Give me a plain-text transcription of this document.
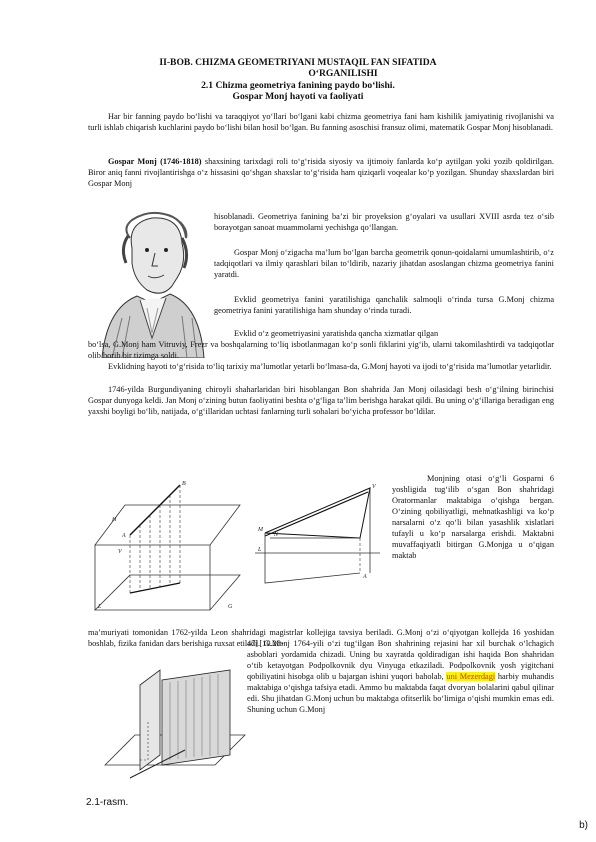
II-BOB. CHIZMA GEOMETRIYANI MUSTAQIL FAN SIFATIDA
O‘RGANILISHI
2.1 Chizma geometriya fanining paydo bo‘lishi.
Gospar Monj hayoti va faoliyati
Har bir fanning paydo bo‘lishi va taraqqiyot yo‘llari bo‘lgani kabi chizma geometriya fani ham kishilik jamiyatinig rivojlanishi va turli ishlab chiqarish kuchlarini paydo bo‘lishi bilan hosil bo‘lgan. Bu fanning asoschisi fransuz olimi, matematik Gospar Monj hisoblanadi.
Gospar Monj (1746-1818) shaxsining tarixdagi roli to‘g‘risida siyosiy va ijtimoiy fanlarda ko‘p aytilgan yoki yozib qoldirilgan. Biror aniq fanni rivojlantirishga o‘z hissasini qo‘shgan shaxslar to‘g‘risida ham qiziqarli voqealar ko‘p yozilgan. Shunday shaxslardan biri Gospar Monj
hisoblanadi. Geometriya fanining ba’zi bir proyeksion g‘oyalari va usullari XVIII asrda tez o‘sib borayotgan sanoat muammolarni yechishga qo‘llangan.
Gospar Monj o‘zigacha ma’lum bo‘lgan barcha geometrik qonun-qoidalarni umumlashtirib, o‘z tadqiqotlari va ilmiy qarashlari bilan to‘ldirib, nazariy jihatdan asoslangan chizma geometriya fanini yaratdi.
Evklid geometriya fanini yaratilishiga qanchalik salmoqli o‘rinda tursa G.Monj chizma geometriya fanini yaratilishiga ham shunday o‘rinda turadi.
Evklid o‘z geometriyasini yaratishda qancha xizmatlar qilgan
bo‘lsa, G.Monj ham Vitruviy, Frezr va boshqalarning to‘liq isbotlanmagan ko‘p sonli fiklarini yig‘ib, ularni takomilashtirdi va tadqiqotlar olib borib bir tizimga soldi.
Evklidning hayoti to‘g‘risida to‘liq tarixiy ma’lumotlar yetarli bo‘lmasa-da, G.Monj hayoti va ijodi to‘g‘risida ma’lumotlar yetarlidir.
1746-yilda Burgundiyaning chiroyli shaharlaridan biri hisoblangan Bon shahrida Jan Monj oilasidagi besh o‘g‘ilning birinchisi Gospar dunyoga keldi. Jan Monj o‘zining butun faoliyatini beshta o‘g‘liga ta’lim berishga harakat qildi. Bu uning o‘g‘illariga beradigan eng yaxshi boyligi bo‘lib, natijada, o‘g‘illaridan uchtasi fanlarning turli sohalari bo‘yicha professor bo‘ldilar.
A
B
H
V
L	G
V
M
N
L
A
Monjning otasi o‘g‘li Gosparni 6 yoshligida tug‘ilib o‘sgan Bon shahridagi Oratormanlar maktabiga o‘qishga bergan. O‘zining qobiliyatligi, mehnatkashligi va ko‘p narsalarni o‘z qo‘li bilan yasashlik xislatlari tufayli u ko‘p narsalarga erishdi. Maktabni muvaffaqiyatli bitirgan G.Monjga u o‘qigan maktab
ma’muriyati tomonidan 1762-yilda Leon shahridagi magistrlar kollejiga tavsiya beriladi. G.Monj o‘zi o‘qiyotgan kollejda 16 yoshidan boshlab, fizika fanidan dars berishiga ruxsat etiladi [10.28-
47]. G.Monj 1764-yili o‘zi tug‘ilgan Bon shahrining rejasini har xil burchak o‘lchagich asboblari yordamida chizadi. Uning bu xayratda qoldiradigan ishi haqida Bon shahridan o‘tib ketayotgan Podpolkovnik dyu Vinyuga etkaziladi. Podpolkovnik yosh yigitchani qobiliyatini hisobga olib u bajargan ishini yuqori baholab, uni Mezerdagi harbiy muhandis maktabiga o‘qishga tafsiya etadi. Ammo bu maktabda faqat dvoryan bolalarini qabul qilinar edi. Shu jihatdan G.Monj uchun bu maktabga ofitserlik bo‘limiga o‘qishi mumkin emas edi. Shuning uchun G.Monj
2.1-rasm.
b)
